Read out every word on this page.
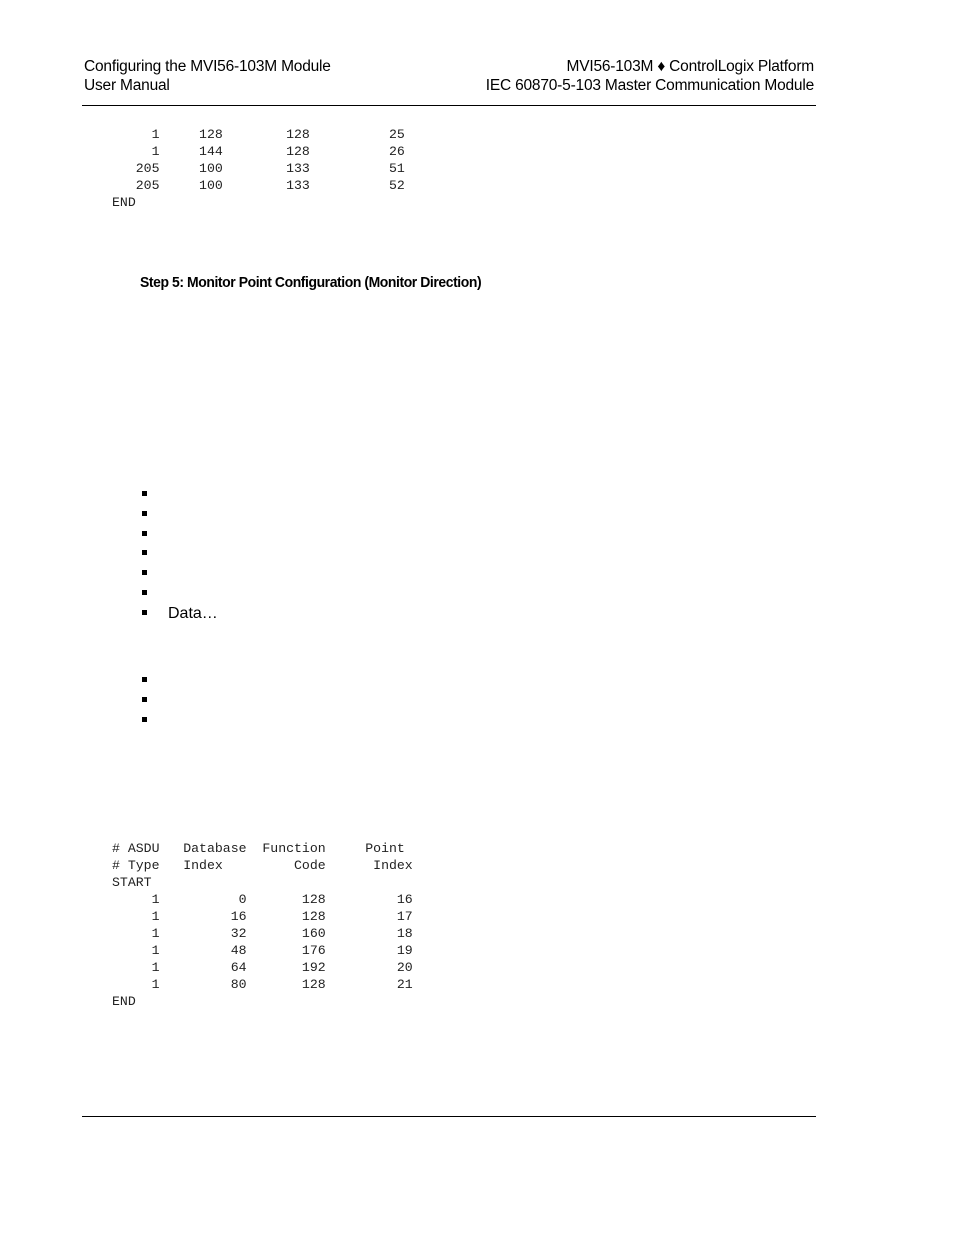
Configuring the MVI56-103M Module
User Manual
MVI56-103M ♦ ControlLogix Platform
IEC 60870-5-103 Master Communication Module
1     128        128          25
1     144        128          26
205     100        133          51
205     100        133          52
END
Step 5: Monitor Point Configuration (Monitor Direction)
Data…
# ASDU   Database  Function     Point
# Type   Index         Code      Index
START
1          0       128         16
1         16       128         17
1         32       160         18
1         48       176         19
1         64       192         20
1         80       128         21
END
